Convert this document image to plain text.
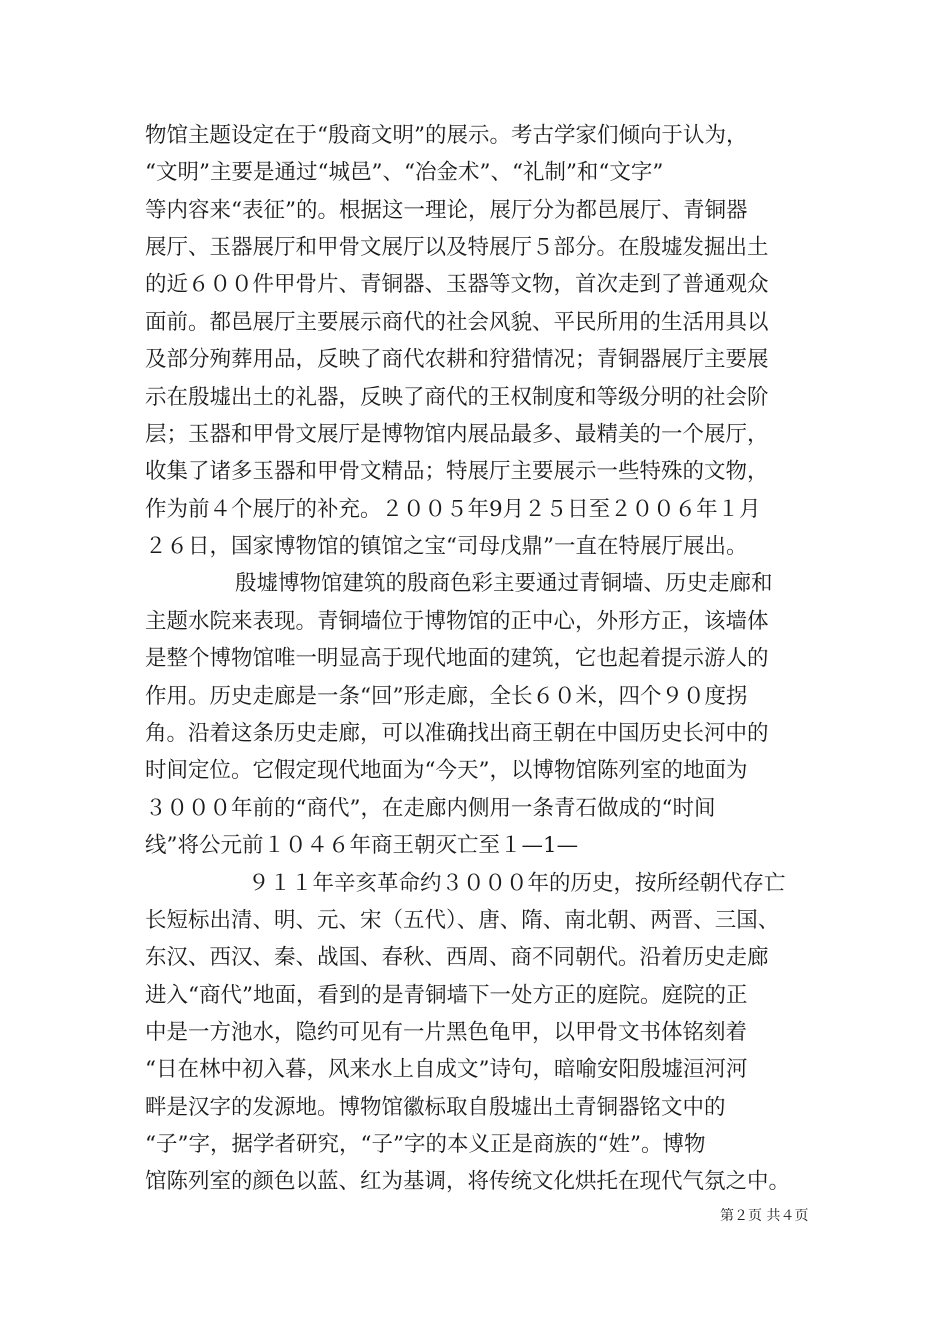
物馆主题设定在于“殷商文明”的展示。考古学家们倾向于认为，
“文明”主要是通过“城邑”、“冶金术”、“礼制”和“文字”
等内容来“表征”的。根据这一理论，展厅分为都邑展厅、青铜器
展厅、玉器展厅和甲骨文展厅以及特展厅５部分。在殷墟发掘出土
的近６００件甲骨片、青铜器、玉器等文物，首次走到了普通观众
面前。都邑展厅主要展示商代的社会风貌、平民所用的生活用具以
及部分殉葬用品，反映了商代农耕和狩猎情况；青铜器展厅主要展
示在殷墟出土的礼器，反映了商代的王权制度和等级分明的社会阶
层；玉器和甲骨文展厅是博物馆内展品最多、最精美的一个展厅，
收集了诸多玉器和甲骨文精品；特展厅主要展示一些特殊的文物，
作为前４个展厅的补充。２００５年9月２５日至２００６年１月
２６日，国家博物馆的镇馆之宝“司母戊鼎”一直在特展厅展出。
殷墟博物馆建筑的殷商色彩主要通过青铜墙、历史走廊和
主题水院来表现。青铜墙位于博物馆的正中心，外形方正，该墙体
是整个博物馆唯一明显高于现代地面的建筑，它也起着提示游人的
作用。历史走廊是一条“回”形走廊，全长６０米，四个９０度拐
角。沿着这条历史走廊，可以准确找出商王朝在中国历史长河中的
时间定位。它假定现代地面为“今天”，以博物馆陈列室的地面为
３０００年前的“商代”，在走廊内侧用一条青石做成的“时间
线”将公元前１０４６年商王朝灭亡至１—1—
９１１年辛亥革命约３０００年的历史，按所经朝代存亡
长短标出清、明、元、宋（五代）、唐、隋、南北朝、两晋、三国、
东汉、西汉、秦、战国、春秋、西周、商不同朝代。沿着历史走廊
进入“商代”地面，看到的是青铜墙下一处方正的庭院。庭院的正
中是一方池水，隐约可见有一片黑色龟甲，以甲骨文书体铭刻着
“日在林中初入暮，风来水上自成文”诗句，暗喻安阳殷墟洹河河
畔是汉字的发源地。博物馆徽标取自殷墟出土青铜器铭文中的
“子”字，据学者研究，“子”字的本义正是商族的“姓”。博物
馆陈列室的颜色以蓝、红为基调，将传统文化烘托在现代气氛之中。
第２页 共４页
